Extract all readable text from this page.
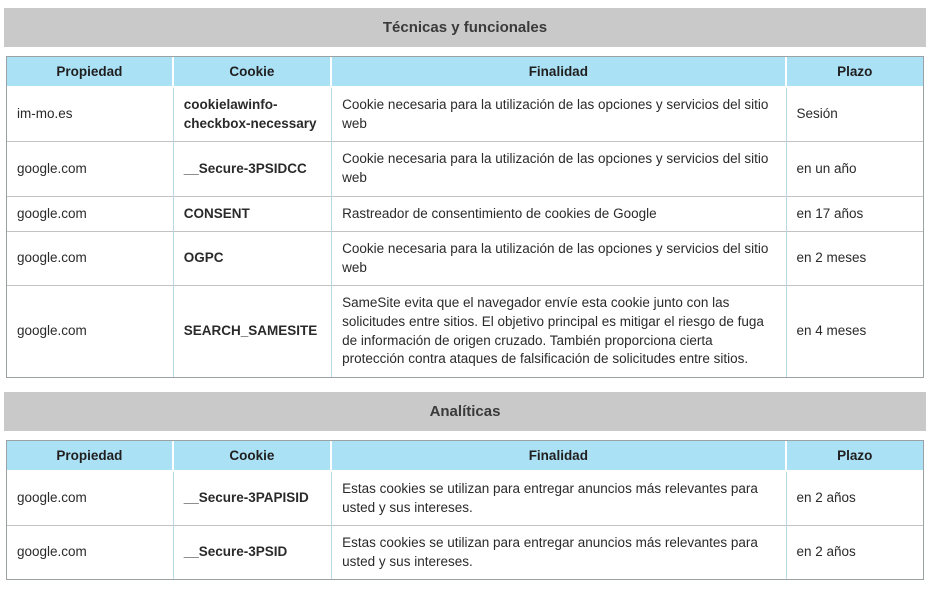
Técnicas y funcionales
Propiedad	Cookie	Finalidad	Plazo
im-mo.es	cookielawinfo-checkbox-necessary	Cookie necesaria para la utilización de las opciones y servicios del sitio web	Sesión
google.com	__Secure-3PSIDCC	Cookie necesaria para la utilización de las opciones y servicios del sitio web	en un año
google.com	CONSENT	Rastreador de consentimiento de cookies de Google	en 17 años
google.com	OGPC	Cookie necesaria para la utilización de las opciones y servicios del sitio web	en 2 meses
google.com	SEARCH_SAMESITE	SameSite evita que el navegador envíe esta cookie junto con las solicitudes entre sitios. El objetivo principal es mitigar el riesgo de fuga de información de origen cruzado. También proporciona cierta protección contra ataques de falsificación de solicitudes entre sitios.	en 4 meses
Analíticas
Propiedad	Cookie	Finalidad	Plazo
google.com	__Secure-3PAPISID	Estas cookies se utilizan para entregar anuncios más relevantes para usted y sus intereses.	en 2 años
google.com	__Secure-3PSID	Estas cookies se utilizan para entregar anuncios más relevantes para usted y sus intereses.	en 2 años
